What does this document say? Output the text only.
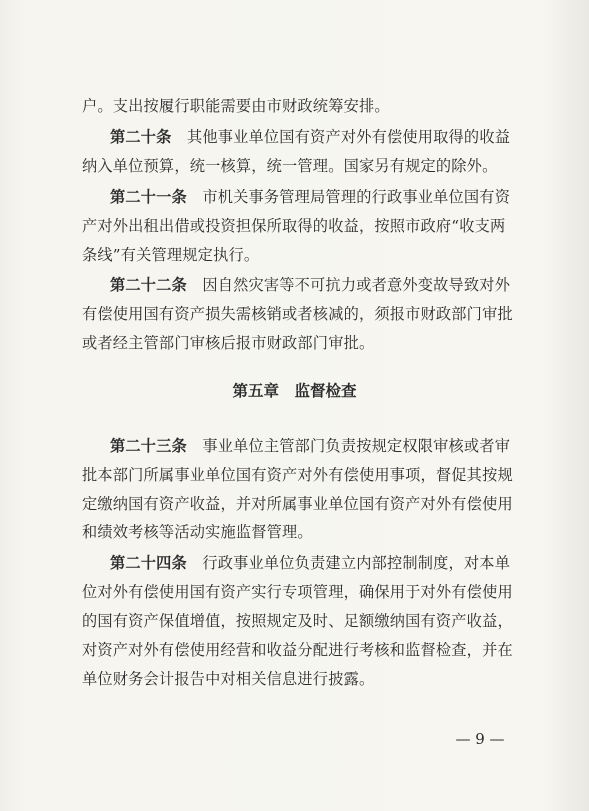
户。支出按履行职能需要由市财政统筹安排。
第二十条　 其他事业单位国有资产对外有偿使用取得的收益
纳入单位预算，统一核算，统一管理。国家另有规定的除外。
第二十一条　 市机关事务管理局管理的行政事业单位国有资
产对外出租出借或投资担保所取得的收益，按照市政府“收支两
条线”有关管理规定执行。
第二十二条　 因自然灾害等不可抗力或者意外变故导致对外
有偿使用国有资产损失需核销或者核减的，须报市财政部门审批
或者经主管部门审核后报市财政部门审批。
第五章　监督检查
第二十三条　 事业单位主管部门负责按规定权限审核或者审
批本部门所属事业单位国有资产对外有偿使用事项，督促其按规
定缴纳国有资产收益，并对所属事业单位国有资产对外有偿使用
和绩效考核等活动实施监督管理。
第二十四条　 行政事业单位负责建立内部控制制度，对本单
位对外有偿使用国有资产实行专项管理，确保用于对外有偿使用
的国有资产保值增值，按照规定及时、足额缴纳国有资产收益，
对资产对外有偿使用经营和收益分配进行考核和监督检查，并在
单位财务会计报告中对相关信息进行披露。
— 9 —
